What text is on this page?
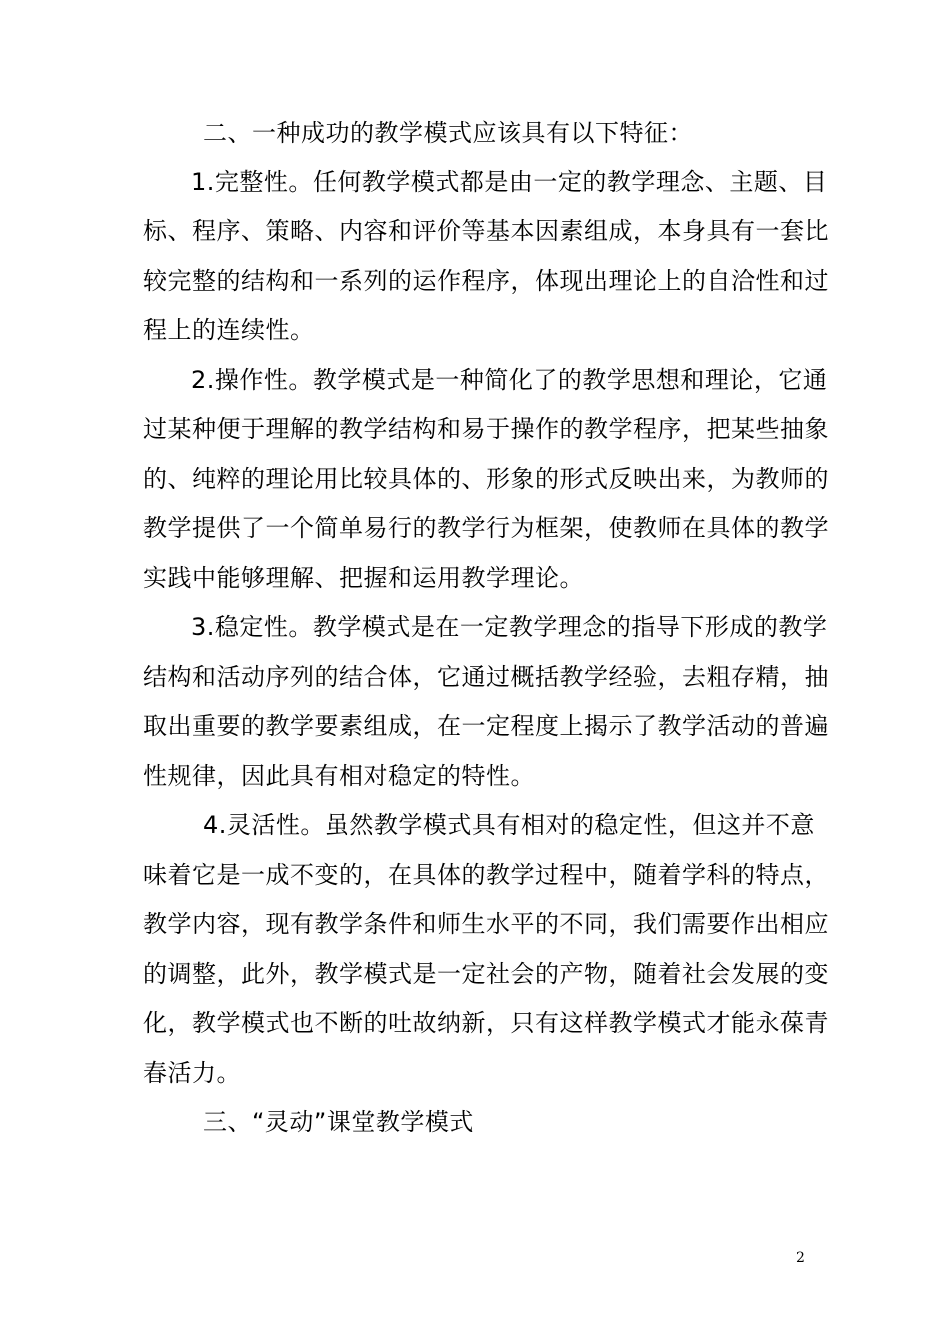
二、一种成功的教学模式应该具有以下特征：
1.完整性。任何教学模式都是由一定的教学理念、主题、目
标、程序、策略、内容和评价等基本因素组成，本身具有一套比
较完整的结构和一系列的运作程序，体现出理论上的自洽性和过
程上的连续性。
2.操作性。教学模式是一种简化了的教学思想和理论，它通
过某种便于理解的教学结构和易于操作的教学程序，把某些抽象
的、纯粹的理论用比较具体的、形象的形式反映出来，为教师的
教学提供了一个简单易行的教学行为框架，使教师在具体的教学
实践中能够理解、把握和运用教学理论。
3.稳定性。教学模式是在一定教学理念的指导下形成的教学
结构和活动序列的结合体，它通过概括教学经验，去粗存精，抽
取出重要的教学要素组成，在一定程度上揭示了教学活动的普遍
性规律，因此具有相对稳定的特性。
4.灵活性。虽然教学模式具有相对的稳定性，但这并不意
味着它是一成不变的，在具体的教学过程中，随着学科的特点，
教学内容，现有教学条件和师生水平的不同，我们需要作出相应
的调整，此外，教学模式是一定社会的产物，随着社会发展的变
化，教学模式也不断的吐故纳新，只有这样教学模式才能永葆青
春活力。
三、“灵动”课堂教学模式
2
